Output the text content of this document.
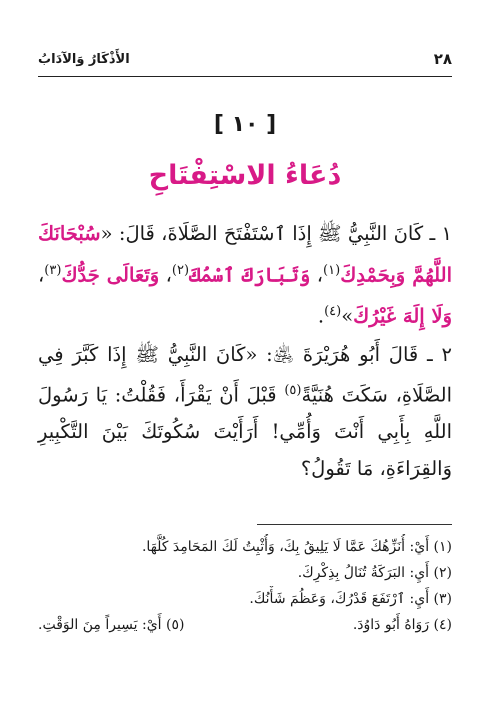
٢٨
الأَذْكَارُ وَالآدَابُ
[ ١٠ ]
دُعَاءُ الاسْتِفْتَاحِ

١ ـ كَانَ النَّبِيُّ ﷺ إِذَا ٱسْتَفْتَحَ الصَّلَاةَ، قَالَ: «سُبْحَانَكَ اللَّهُمَّ وَبِحَمْدِكَ$^{(١)}$، وَتَبَارَكَ ٱسْمُكَ$^{(٢)}$، وَتَعَالَى جَدُّكَ$^{(٣)}$، وَلَا إِلَهَ غَيْرُكَ»$^{(٤)}$.

٢ ـ قَالَ أَبُو هُرَيْرَةَ ﵁: «كَانَ النَّبِيُّ ﷺ إِذَا كَبَّرَ فِي الصَّلَاةِ، سَكَتَ هُنَيَّةً$^{(٥)}$ قَبْلَ أَنْ يَقْرَأَ، فَقُلْتُ: يَا رَسُولَ اللَّهِ بِأَبِي أَنْتَ وَأُمِّي! أَرَأَيْتَ سُكُوتَكَ بَيْنَ التَّكْبِيرِ وَالقِرَاءَةِ، مَا تَقُولُ؟

(١) أَيْ: أُنَزِّهُكَ عَمَّا لَا يَلِيقُ بِكَ، وَأُثْبِتُ لَكَ المَحَامِدَ كُلَّهَا.
(٢) أَيِ: البَرَكَةُ تُنَالُ بِذِكْرِكَ.
(٣) أَيِ: ٱرْتَفَعَ قَدْرُكَ، وَعَظُمَ شَأْنُكَ.
(٤) رَوَاهُ أَبُو دَاوُدَ.
(٥) أَيْ: يَسِيراً مِنَ الوَقْتِ.
